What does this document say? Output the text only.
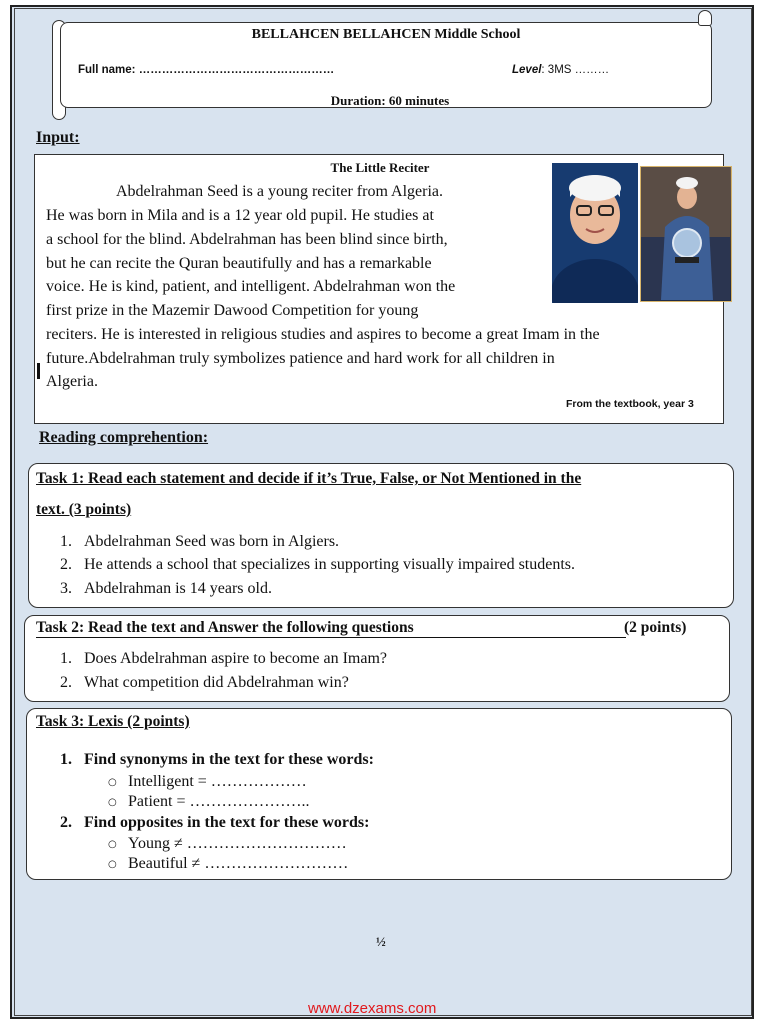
BELLAHCEN BELLAHCEN Middle School
Full name: ……………………………………………	Level: 3MS ………
Duration: 60 minutes
Input:
The Little Reciter
Abdelrahman Seed is a young reciter from Algeria.
He was born in Mila and is a 12 year old pupil. He studies at
a school for the blind. Abdelrahman has been blind since birth,
but he can recite the Quran beautifully and has a remarkable
voice. He is kind, patient, and intelligent. Abdelrahman won the
first prize in the Mazemir Dawood Competition for young
reciters. He is interested in religious studies and aspires to become a great Imam in the
future.Abdelrahman truly symbolizes patience and hard work for all children in
Algeria.
From the textbook, year 3
Reading comprehention:
Task 1: Read each statement and decide if it’s True, False, or Not Mentioned in the
text. (3 points)
1. Abdelrahman Seed was born in Algiers.
2. He attends a school that specializes in supporting visually impaired students.
3. Abdelrahman is 14 years old.
Task 2: Read the text and Answer the following questions	(2 points)
1. Does Abdelrahman aspire to become an Imam?
2. What competition did Abdelrahman win?
Task 3: Lexis (2 points)
1. Find synonyms in the text for these words:
○ Intelligent = ………………
○ Patient = …………………..
2. Find opposites in the text for these words:
○ Young ≠ …………………………
○ Beautiful ≠ ………………………
½
www.dzexams.com
